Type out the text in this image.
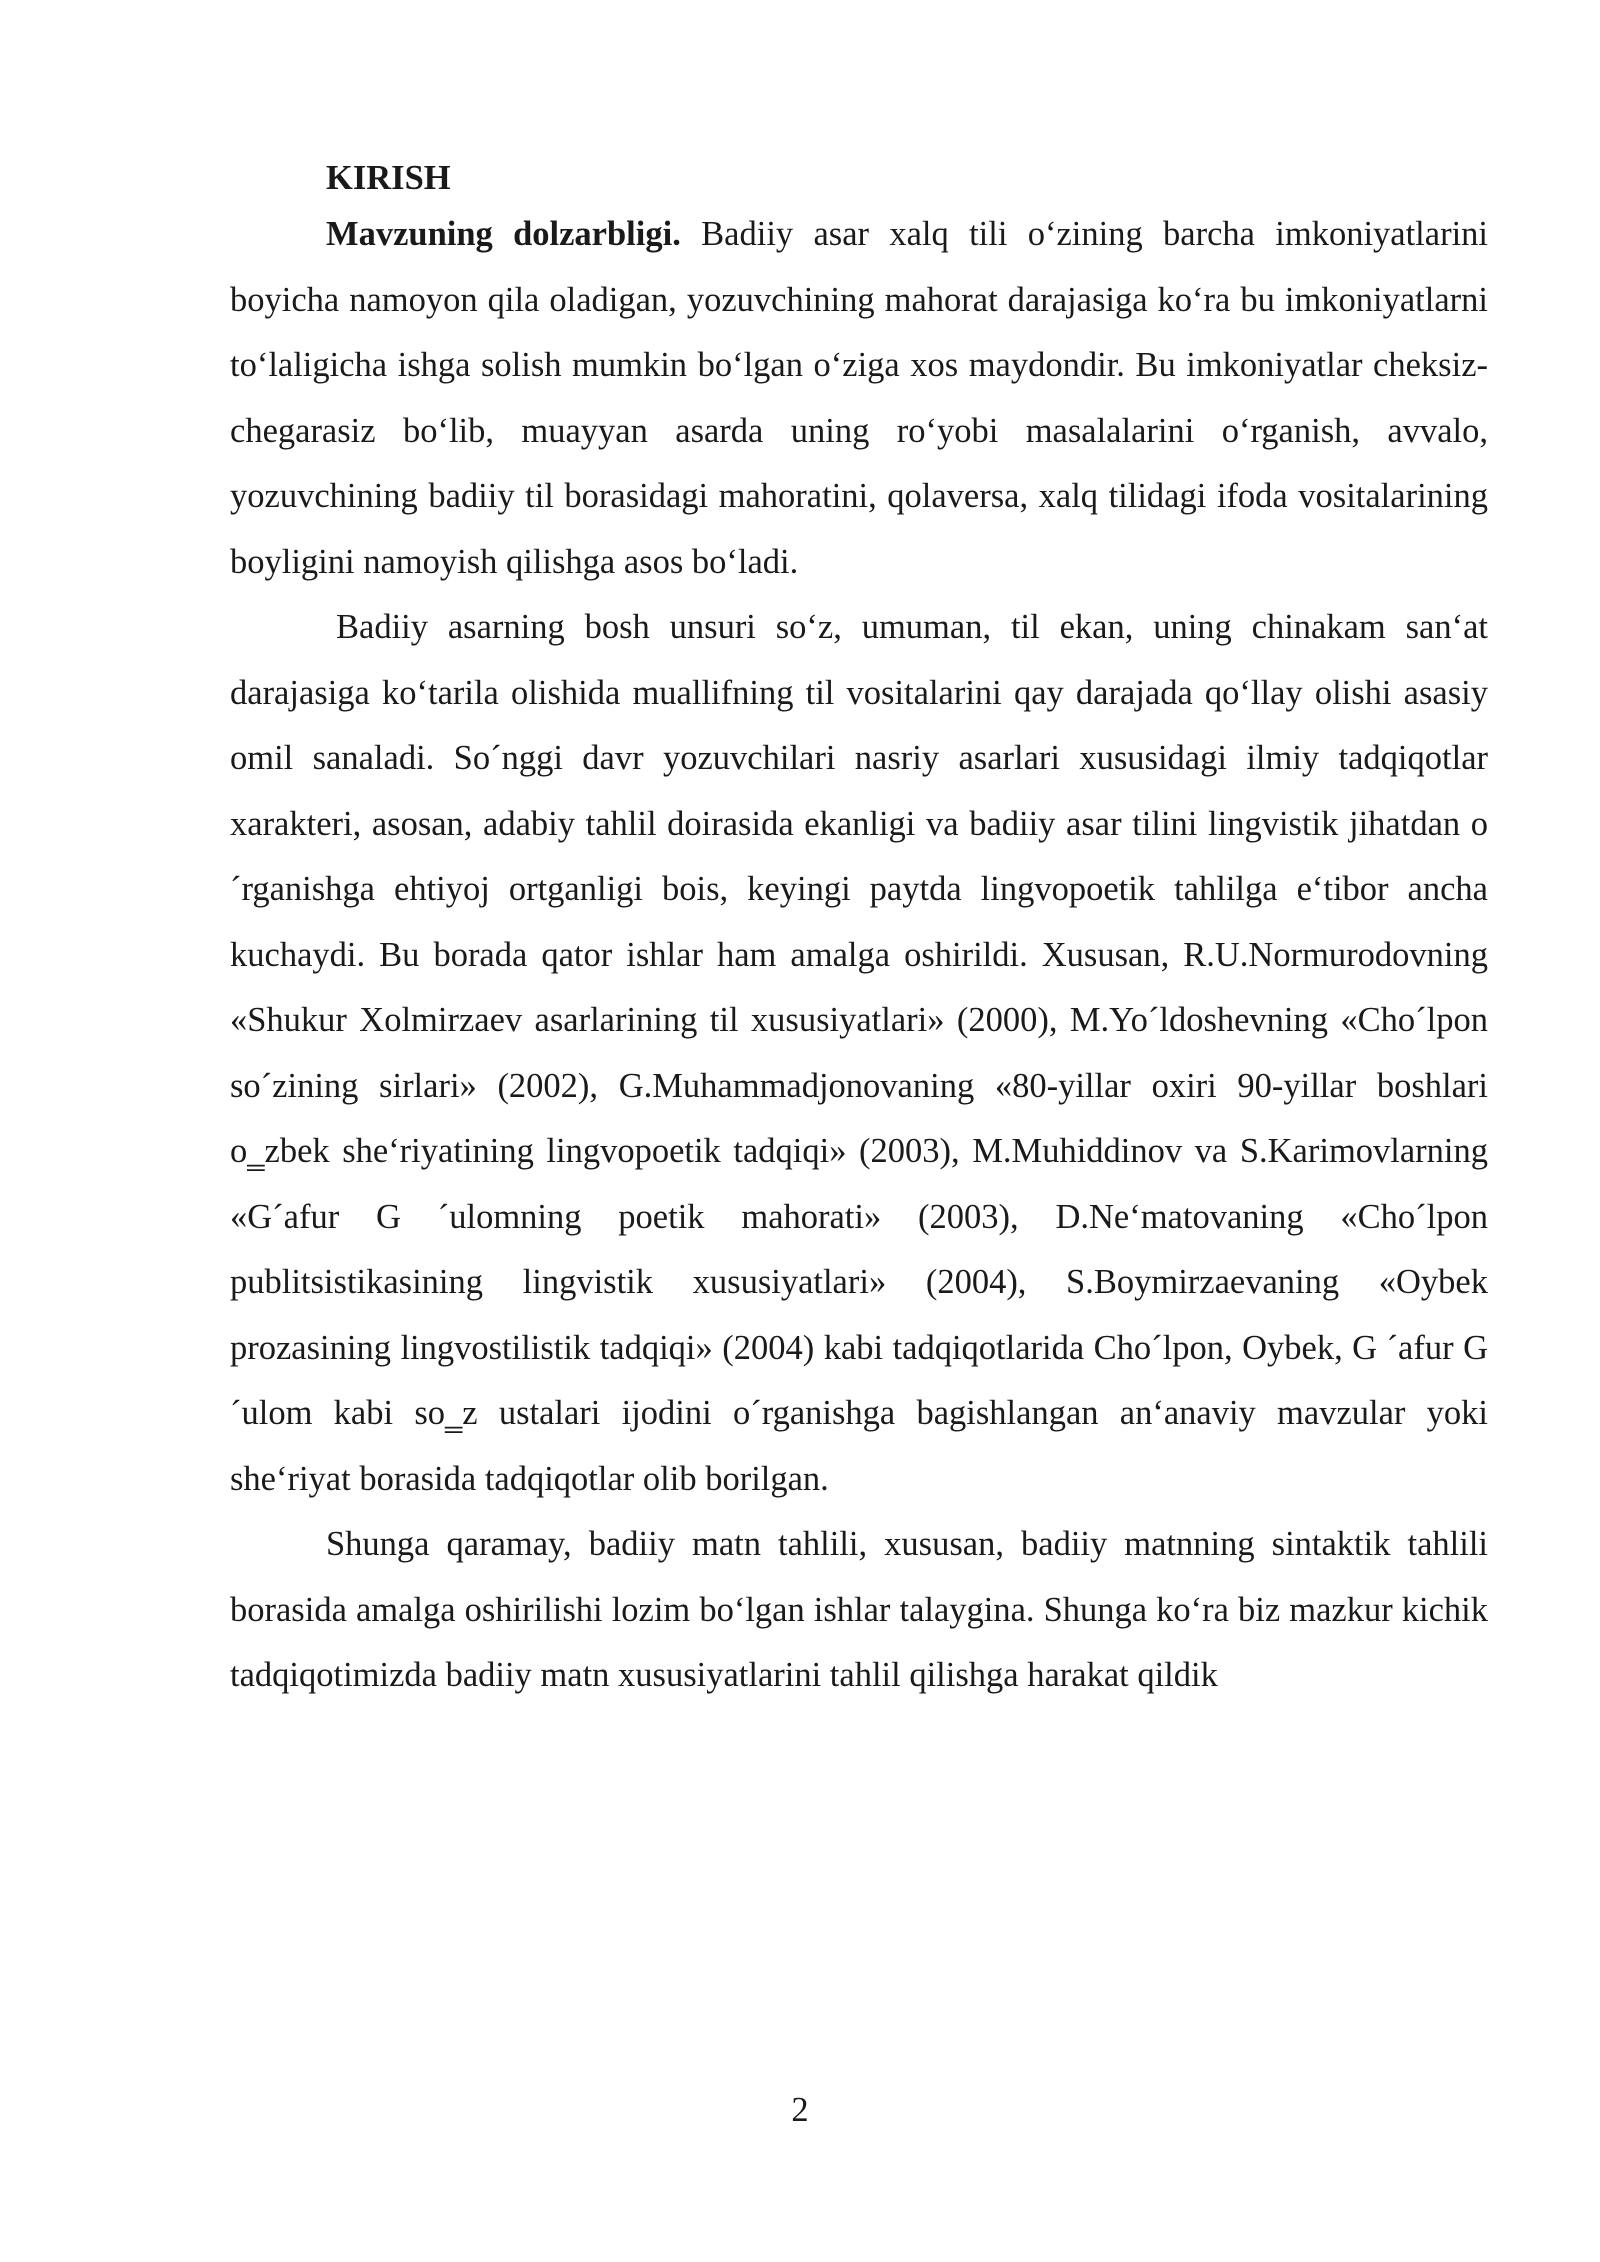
KIRISH

Mavzuning dolzarbligi. Badiiy asar xalq tili o‘zining barcha imkoniyatlarini boyicha namoyon qila oladigan, yozuvchining mahorat darajasiga ko‘ra bu imkoniyatlarni to‘laligicha ishga solish mumkin bo‘lgan o‘ziga xos maydondir. Bu imkoniyatlar cheksiz-chegarasiz bo‘lib, muayyan asarda uning ro‘yobi masalalarini o‘rganish, avvalo, yozuvchining badiiy til borasidagi mahoratini, qolaversa, xalq tilidagi ifoda vositalarining boyligini namoyish qilishga asos bo‘ladi.

Badiiy asarning bosh unsuri so‘z, umuman, til ekan, uning chinakam san‘at darajasiga ko‘tarila olishida muallifning til vositalarini qay darajada qo‘llay olishi asasiy omil sanaladi. So´nggi davr yozuvchilari nasriy asarlari xususidagi ilmiy tadqiqotlar xarakteri, asosan, adabiy tahlil doirasida ekanligi va badiiy asar tilini lingvistik jihatdan o´rganishga ehtiyoj ortganligi bois, keyingi paytda lingvopoetik tahlilga e‘tibor ancha kuchaydi. Bu borada qator ishlar ham amalga oshirildi. Xususan, R.U.Normurodovning «Shukur Xolmirzaev asarlarining til xususiyatlari» (2000), M.Yo´ldoshevning «Cho´lpon so´zining sirlari» (2002), G.Muhammadjonovaning «80-yillar oxiri 90-yillar boshlari o‗zbek she‘riyatining lingvopoetik tadqiqi» (2003), M.Muhiddinov va S.Karimovlarning «G´afur G ´ulomning poetik mahorati» (2003), D.Ne‘matovaning «Cho´lpon publitsistikasining lingvistik xususiyatlari» (2004), S.Boymirzaevaning «Oybek prozasining lingvostilistik tadqiqi» (2004) kabi tadqiqotlarida Cho´lpon, Oybek, G ´afur G´ulom kabi so‗z ustalari ijodini o´rganishga bagishlangan an‘anaviy mavzular yoki she‘riyat borasida tadqiqotlar olib borilgan.

Shunga qaramay, badiiy matn tahlili, xususan, badiiy matnning sintaktik tahlili borasida amalga oshirilishi lozim bo‘lgan ishlar talaygina. Shunga ko‘ra biz mazkur kichik tadqiqotimizda badiiy matn xususiyatlarini tahlil qilishga harakat qildik

2
